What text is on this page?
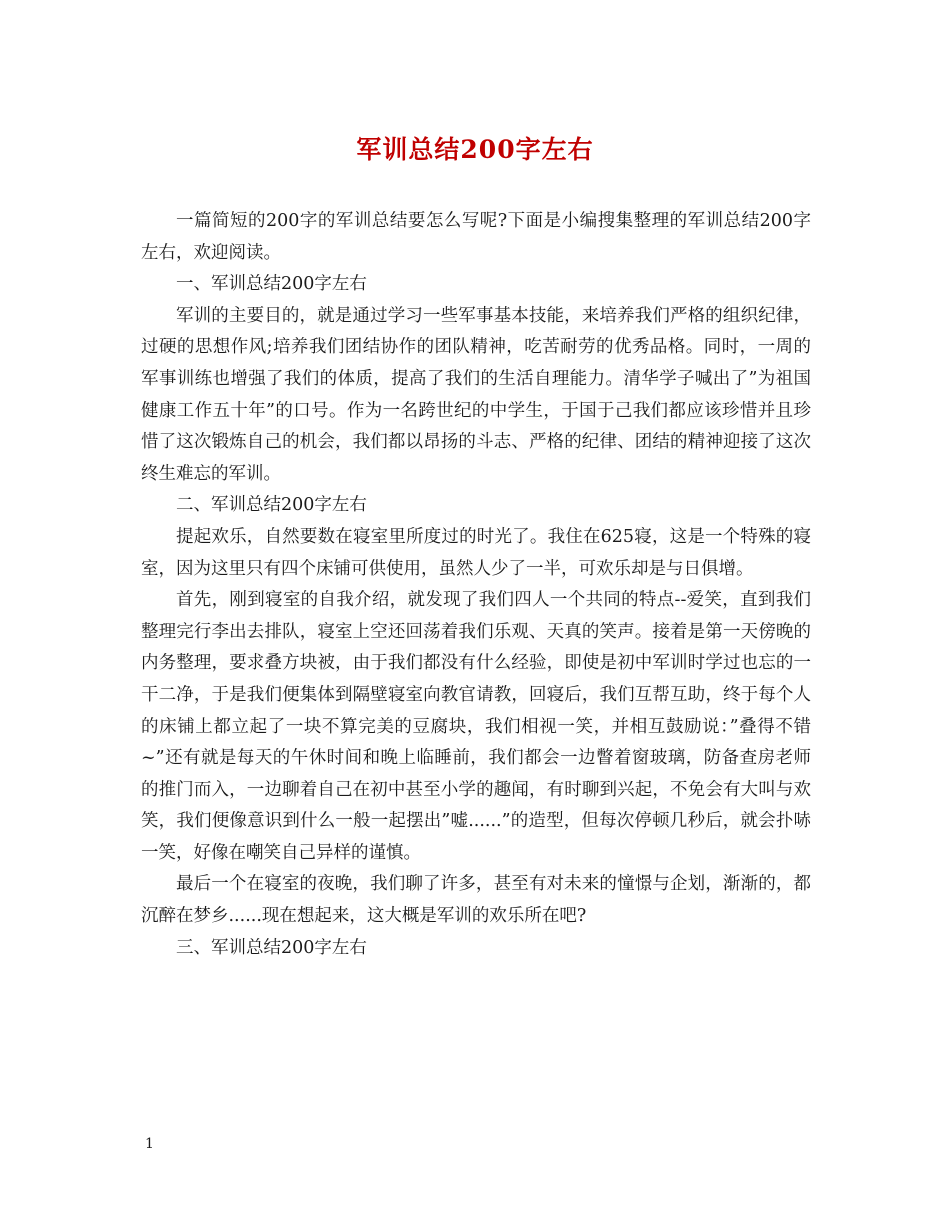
军训总结200字左右

一篇简短的200字的军训总结要怎么写呢?下面是小编搜集整理的军训总结200字左右，欢迎阅读。

一、军训总结200字左右

军训的主要目的，就是通过学习一些军事基本技能，来培养我们严格的组织纪律，过硬的思想作风;培养我们团结协作的团队精神，吃苦耐劳的优秀品格。同时，一周的军事训练也增强了我们的体质，提高了我们的生活自理能力。清华学子喊出了”为祖国健康工作五十年”的口号。作为一名跨世纪的中学生，于国于己我们都应该珍惜并且珍惜了这次锻炼自己的机会，我们都以昂扬的斗志、严格的纪律、团结的精神迎接了这次终生难忘的军训。

二、军训总结200字左右

提起欢乐，自然要数在寝室里所度过的时光了。我住在625寝，这是一个特殊的寝室，因为这里只有四个床铺可供使用，虽然人少了一半，可欢乐却是与日俱增。

首先，刚到寝室的自我介绍，就发现了我们四人一个共同的特点--爱笑，直到我们整理完行李出去排队，寝室上空还回荡着我们乐观、天真的笑声。接着是第一天傍晚的内务整理，要求叠方块被，由于我们都没有什么经验，即使是初中军训时学过也忘的一干二净，于是我们便集体到隔壁寝室向教官请教，回寝后，我们互帮互助，终于每个人的床铺上都立起了一块不算完美的豆腐块，我们相视一笑，并相互鼓励说：”叠得不错~”还有就是每天的午休时间和晚上临睡前，我们都会一边瞥着窗玻璃，防备查房老师的推门而入，一边聊着自己在初中甚至小学的趣闻，有时聊到兴起，不免会有大叫与欢笑，我们便像意识到什么一般一起摆出”嘘......”的造型，但每次停顿几秒后，就会扑哧一笑，好像在嘲笑自己异样的谨慎。

最后一个在寝室的夜晚，我们聊了许多，甚至有对未来的憧憬与企划，渐渐的，都沉醉在梦乡......现在想起来，这大概是军训的欢乐所在吧?

三、军训总结200字左右

1
